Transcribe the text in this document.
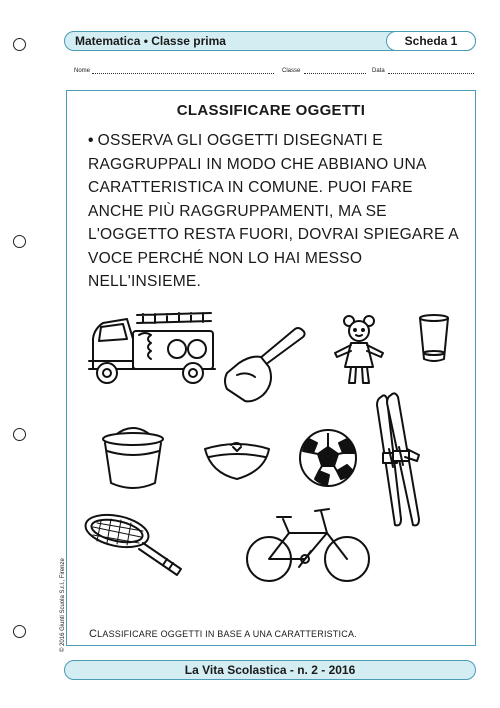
Matematica • Classe prima	Scheda 1
Nome	Classe	Data
CLASSIFICARE OGGETTI
• OSSERVA GLI OGGETTI DISEGNATI E RAGGRUPPALI IN MODO CHE ABBIANO UNA CARATTERISTICA IN COMUNE. PUOI FARE ANCHE PIÙ RAGGRUPPAMENTI, MA SE L'OGGETTO RESTA FUORI, DOVRAI SPIEGARE A VOCE PERCHÉ NON LO HAI MESSO NELL'INSIEME.
CLASSIFICARE OGGETTI IN BASE A UNA CARATTERISTICA.
© 2016 Giunti Scuola S.r.l., Firenze
La Vita Scolastica - n. 2 - 2016
